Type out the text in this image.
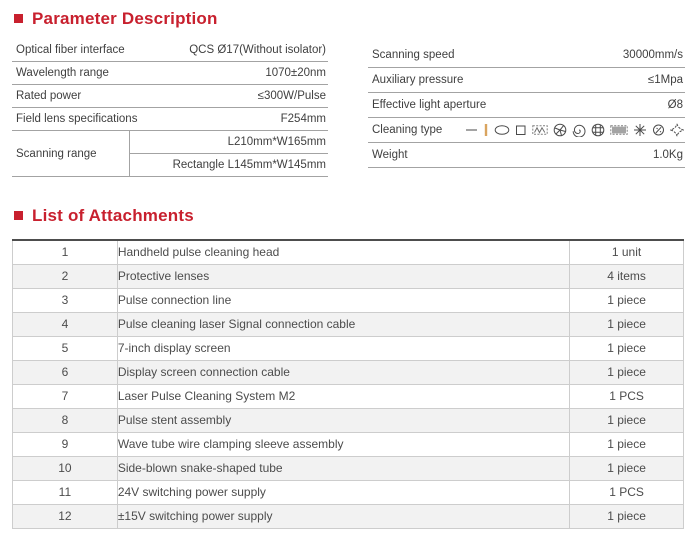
Parameter Description
Optical fiber interface	QCS Ø17(Without isolator)
Wavelength range	1070±20nm
Rated power	≤300W/Pulse
Field lens specifications	F254mm
Scanning range
L210mm*W165mm
Rectangle L145mm*W145mm
Scanning speed	30000mm/s
Auxiliary pressure	≤1Mpa
Effective light aperture	Ø8
Cleaning type
Weight	1.0Kg
List of Attachments
1	Handheld pulse cleaning head	1 unit
2	Protective lenses	4 items
3	Pulse connection line	1 piece
4	Pulse cleaning laser Signal connection cable	1 piece
5	7-inch display screen	1 piece
6	Display screen connection cable	1 piece
7	Laser Pulse Cleaning System M2	1 PCS
8	Pulse stent assembly	1 piece
9	Wave tube wire clamping sleeve assembly	1 piece
10	Side-blown snake-shaped tube	1 piece
11	24V switching power supply	1 PCS
12	±15V switching power supply	1 piece
